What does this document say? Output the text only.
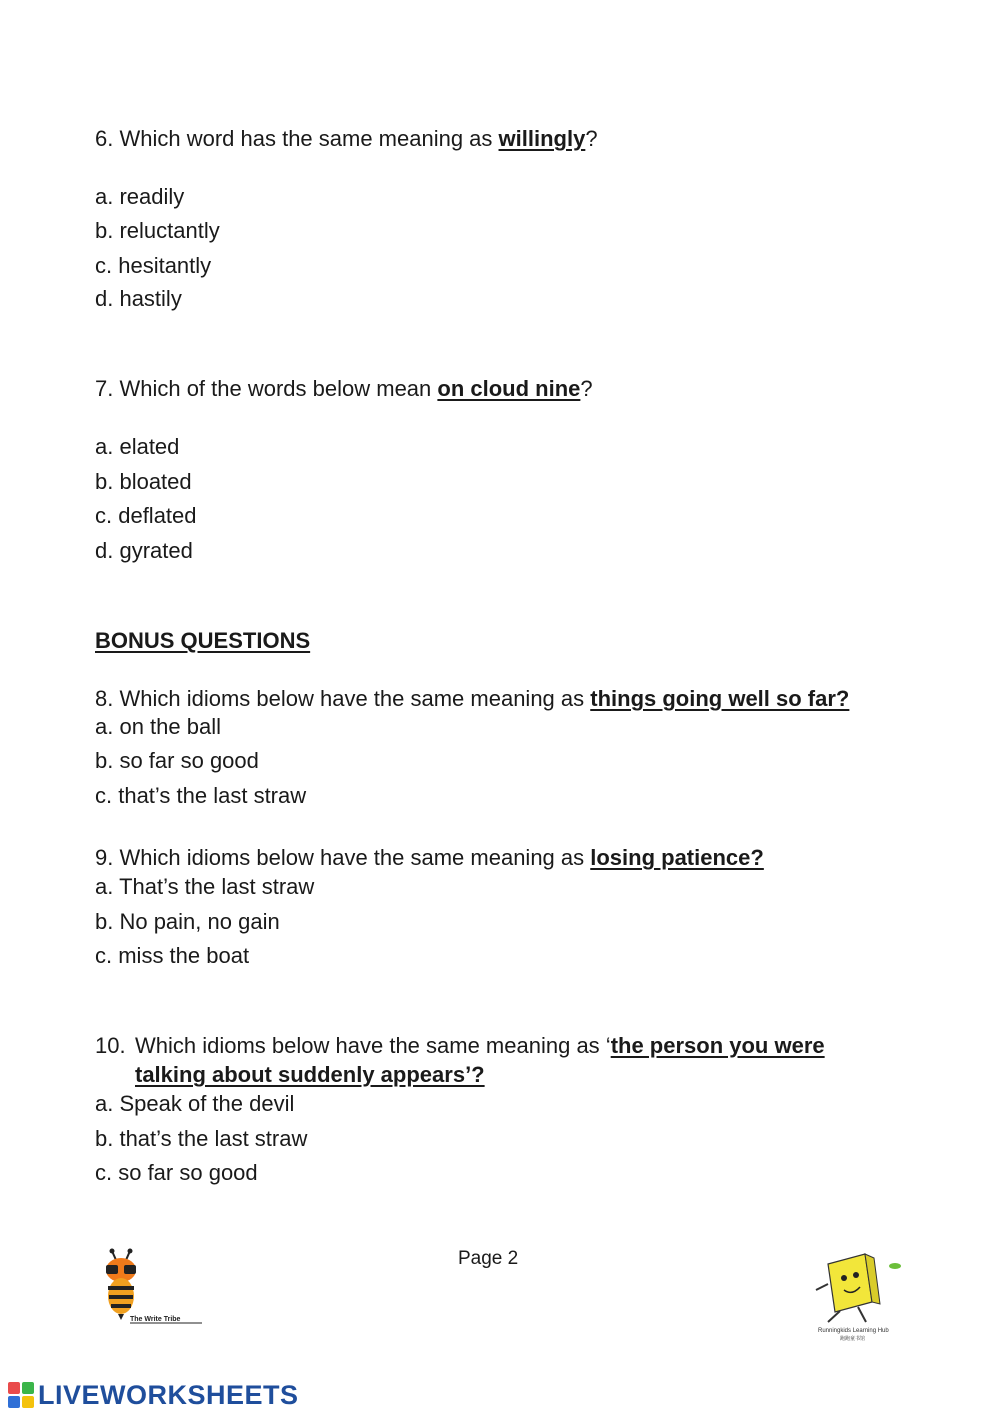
6. Which word has the same meaning as willingly?
a. readily
b. reluctantly
c. hesitantly
d. hastily
7. Which of the words below mean on cloud nine?
a. elated
b. bloated
c. deflated
d. gyrated
BONUS QUESTIONS
8. Which idioms below have the same meaning as things going well so far?
a. on the ball
b. so far so good
c. that’s the last straw
9. Which idioms below have the same meaning as losing patience?
a. That’s the last straw
b. No pain, no gain
c. miss the boat
10. Which idioms below have the same meaning as ‘the person you were talking about suddenly appears’?
a. Speak of the devil
b. that’s the last straw
c. so far so good
The Write Tribe
Page 2
Runningkids Learning Hub
跑跑童书馆
LIVEWORKSHEETS
